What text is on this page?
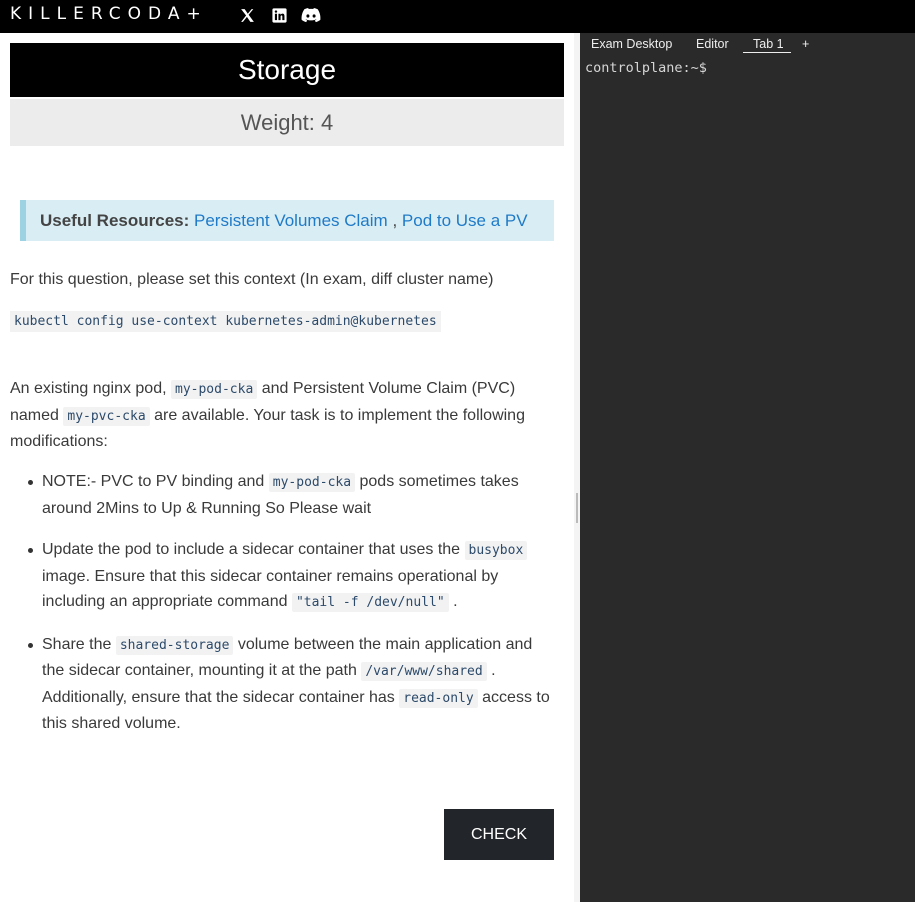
KILLERCODA+
Storage
Weight: 4
Useful Resources: Persistent Volumes Claim , Pod to Use a PV
For this question, please set this context (In exam, diff cluster name)
kubectl config use-context kubernetes-admin@kubernetes
An existing nginx pod, my-pod-cka and Persistent Volume Claim (PVC) named my-pvc-cka are available. Your task is to implement the following modifications:
NOTE:- PVC to PV binding and my-pod-cka pods sometimes takes around 2Mins to Up & Running So Please wait
Update the pod to include a sidecar container that uses the busybox image. Ensure that this sidecar container remains operational by including an appropriate command "tail -f /dev/null" .
Share the shared-storage volume between the main application and the sidecar container, mounting it at the path /var/www/shared . Additionally, ensure that the sidecar container has read-only access to this shared volume.
CHECK
Exam Desktop Editor	Tab 1	+
controlplane:~$
